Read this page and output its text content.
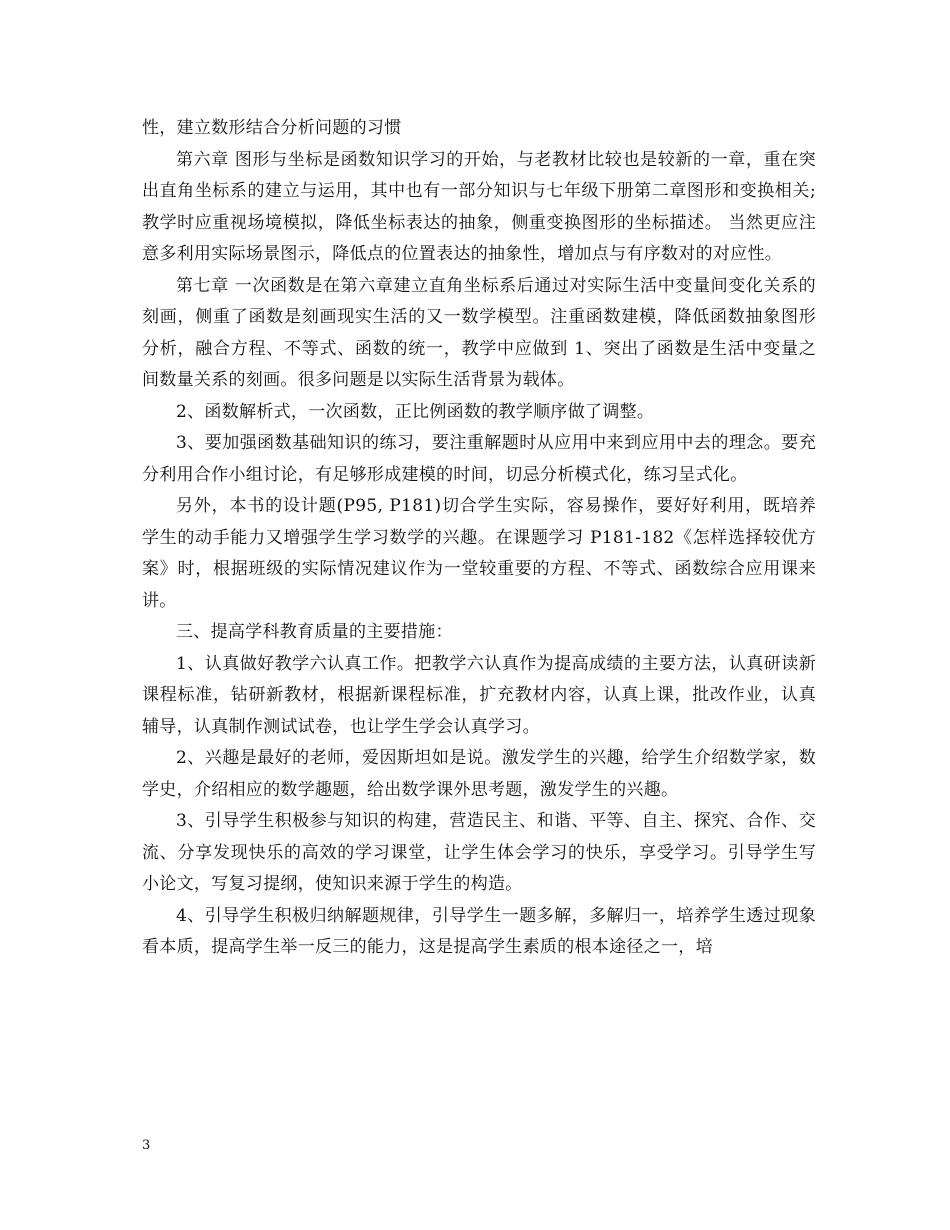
性，建立数形结合分析问题的习惯

第六章 图形与坐标是函数知识学习的开始，与老教材比较也是较新的一章，重在突出直角坐标系的建立与运用，其中也有一部分知识与七年级下册第二章图形和变换相关;教学时应重视场境模拟，降低坐标表达的抽象，侧重变换图形的坐标描述。 当然更应注意多利用实际场景图示，降低点的位置表达的抽象性，增加点与有序数对的对应性。

第七章 一次函数是在第六章建立直角坐标系后通过对实际生活中变量间变化关系的刻画，侧重了函数是刻画现实生活的又一数学模型。注重函数建模，降低函数抽象图形分析，融合方程、不等式、函数的统一，教学中应做到 1、突出了函数是生活中变量之间数量关系的刻画。很多问题是以实际生活背景为载体。

2、函数解析式，一次函数，正比例函数的教学顺序做了调整。

3、要加强函数基础知识的练习，要注重解题时从应用中来到应用中去的理念。要充分利用合作小组讨论，有足够形成建模的时间，切忌分析模式化，练习呈式化。

另外，本书的设计题(P95, P181)切合学生实际，容易操作，要好好利用，既培养学生的动手能力又增强学生学习数学的兴趣。在课题学习 P181-182《怎样选择较优方案》时，根据班级的实际情况建议作为一堂较重要的方程、不等式、函数综合应用课来讲。

三、提高学科教育质量的主要措施：

1、认真做好教学六认真工作。把教学六认真作为提高成绩的主要方法，认真研读新课程标准，钻研新教材，根据新课程标准，扩充教材内容，认真上课，批改作业，认真辅导，认真制作测试试卷，也让学生学会认真学习。

2、兴趣是最好的老师，爱因斯坦如是说。激发学生的兴趣，给学生介绍数学家，数学史，介绍相应的数学趣题，给出数学课外思考题，激发学生的兴趣。

3、引导学生积极参与知识的构建，营造民主、和谐、平等、自主、探究、合作、交流、分享发现快乐的高效的学习课堂，让学生体会学习的快乐，享受学习。引导学生写小论文，写复习提纲，使知识来源于学生的构造。

4、引导学生积极归纳解题规律，引导学生一题多解，多解归一，培养学生透过现象看本质，提高学生举一反三的能力，这是提高学生素质的根本途径之一，培

3
